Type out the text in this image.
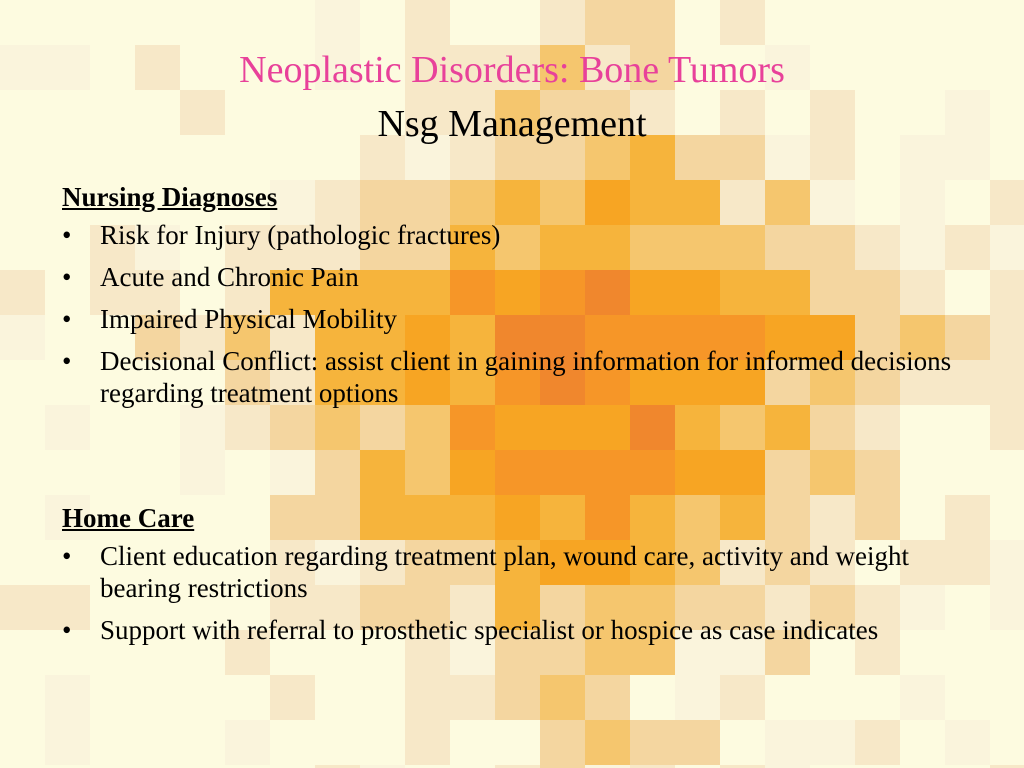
Neoplastic Disorders: Bone Tumors
Nsg Management
Nursing Diagnoses
• Risk for Injury (pathologic fractures)
• Acute and Chronic Pain
• Impaired Physical Mobility
• Decisional Conflict: assist client in gaining information for informed decisions regarding treatment options
Home Care
• Client education regarding treatment plan, wound care, activity and weight bearing restrictions
• Support with referral to prosthetic specialist or hospice as case indicates
